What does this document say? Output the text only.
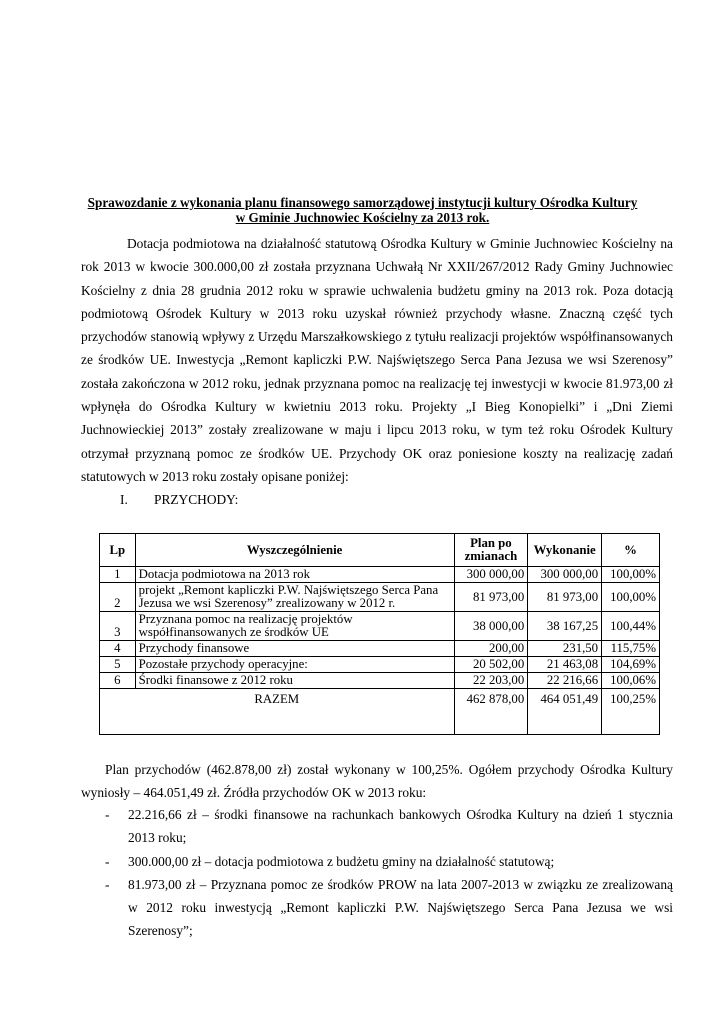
Sprawozdanie z wykonania planu finansowego samorządowej instytucji kultury Ośrodka Kultury
w Gminie Juchnowiec Kościelny za 2013 rok.

Dotacja podmiotowa na działalność statutową Ośrodka Kultury w Gminie Juchnowiec Kościelny na rok 2013 w kwocie 300.000,00 zł została przyznana Uchwałą Nr XXII/267/2012 Rady Gminy Juchnowiec Kościelny z dnia 28 grudnia 2012 roku w sprawie uchwalenia budżetu gminy na 2013 rok. Poza dotacją podmiotową Ośrodek Kultury w 2013 roku uzyskał również przychody własne. Znaczną część tych przychodów stanowią wpływy z Urzędu Marszałkowskiego z tytułu realizacji projektów współfinansowanych ze środków UE. Inwestycja „Remont kapliczki P.W. Najświętszego Serca Pana Jezusa we wsi Szerenosy” została zakończona w 2012 roku, jednak przyznana pomoc na realizację tej inwestycji w kwocie 81.973,00 zł wpłynęła do Ośrodka Kultury w kwietniu 2013 roku. Projekty „I Bieg Konopielki” i „Dni Ziemi Juchnowieckiej 2013” zostały zrealizowane w maju i lipcu 2013 roku, w tym też roku Ośrodek Kultury otrzymał przyznaną pomoc ze środków UE. Przychody OK oraz poniesione koszty na realizację zadań statutowych w 2013 roku zostały opisane poniżej:

I. PRZYCHODY:
Lp	Wyszczególnienie	Plan po zmianach	Wykonanie	%
1	Dotacja podmiotowa na 2013 rok	300 000,00	300 000,00	100,00%
2	projekt „Remont kapliczki P.W. Najświętszego Serca Pana Jezusa we wsi Szerenosy” zrealizowany w 2012 r.	81 973,00	81 973,00	100,00%
3	Przyznana pomoc na realizację projektów współfinansowanych ze środków UE	38 000,00	38 167,25	100,44%
4	Przychody finansowe	200,00	231,50	115,75%
5	Pozostałe przychody operacyjne:	20 502,00	21 463,08	104,69%
6	Środki finansowe z 2012 roku	22 203,00	22 216,66	100,06%
RAZEM		462 878,00	464 051,49	100,25%

Plan przychodów (462.878,00 zł) został wykonany w 100,25%. Ogółem przychody Ośrodka Kultury wyniosły – 464.051,49 zł. Źródła przychodów OK w 2013 roku:

- 22.216,66 zł – środki finansowe na rachunkach bankowych Ośrodka Kultury na dzień 1 stycznia 2013 roku;
- 300.000,00 zł – dotacja podmiotowa z budżetu gminy na działalność statutową;
- 81.973,00 zł – Przyznana pomoc ze środków PROW na lata 2007-2013 w związku ze zrealizowaną w 2012 roku inwestycją „Remont kapliczki P.W. Najświętszego Serca Pana Jezusa we wsi Szerenosy”;
